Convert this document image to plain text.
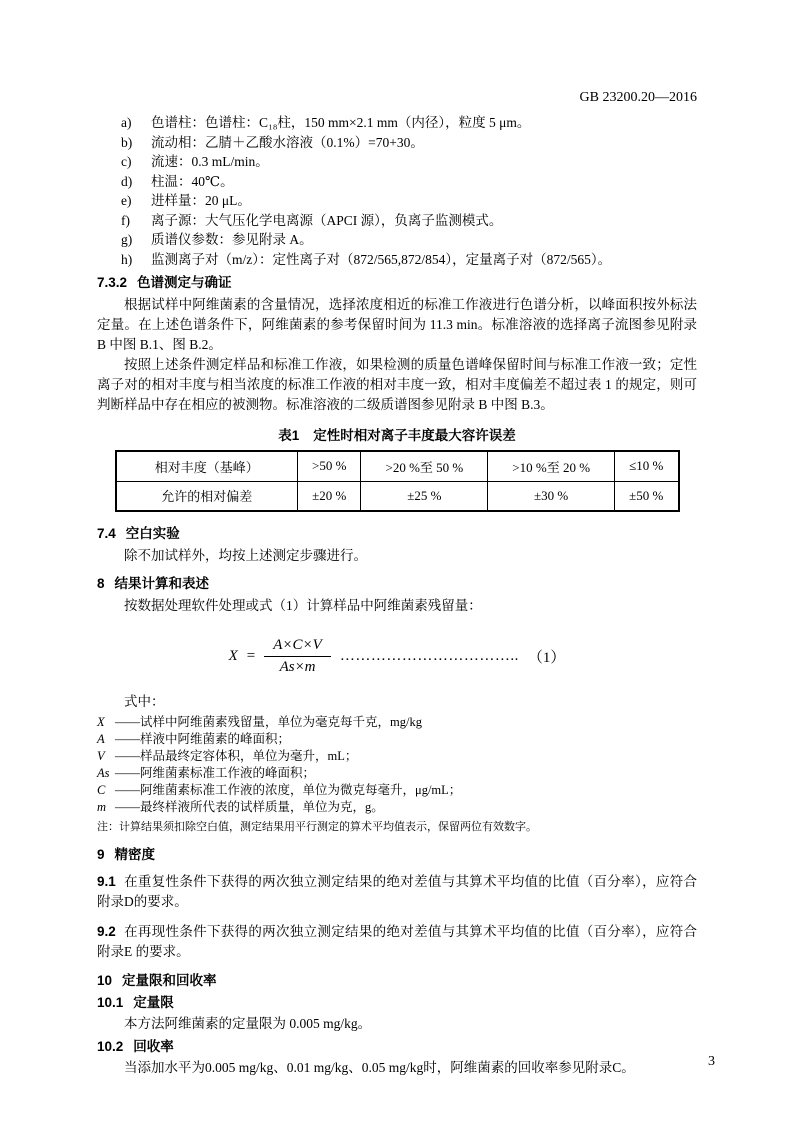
GB 23200.20—2016
a)	色谱柱：色谱柱：C₁₈柱，150 mm×2.1 mm（内径），粒度 5 μm。
b)	流动相：乙腈＋乙酸水溶液（0.1%）=70+30。
c)	流速：0.3 mL/min。
d)	柱温：40℃。
e)	进样量：20 μL。
f)	离子源：大气压化学电离源（APCI 源），负离子监测模式。
g)	质谱仪参数：参见附录 A。
h)	监测离子对（m/z）：定性离子对（872/565,872/854），定量离子对（872/565）。
7.3.2 色谱测定与确证
根据试样中阿维菌素的含量情况，选择浓度相近的标准工作液进行色谱分析，以峰面积按外标法定量。在上述色谱条件下，阿维菌素的参考保留时间为 11.3 min。标准溶液的选择离子流图参见附录 B 中图 B.1、图 B.2。
按照上述条件测定样品和标准工作液，如果检测的质量色谱峰保留时间与标准工作液一致；定性离子对的相对丰度与相当浓度的标准工作液的相对丰度一致，相对丰度偏差不超过表 1 的规定，则可判断样品中存在相应的被测物。标准溶液的二级质谱图参见附录 B 中图 B.3。
表1 定性时相对离子丰度最大容许误差
相对丰度（基峰）	>50 %	>20 %至 50 %	>10 %至 20 %	≤10 %
允许的相对偏差	±20 %	±25 %	±30 %	±50 %
7.4 空白实验
除不加试样外，均按上述测定步骤进行。
8 结果计算和表述
按数据处理软件处理或式（1）计算样品中阿维菌素残留量：
$X = \frac{A\times C\times V}{As\times m}$ …………………………….. （1）
式中：
X ——试样中阿维菌素残留量，单位为毫克每千克，mg/kg
A ——样液中阿维菌素的峰面积；
V ——样品最终定容体积，单位为毫升，mL；
As ——阿维菌素标准工作液的峰面积；
C ——阿维菌素标准工作液的浓度，单位为微克每毫升，μg/mL；
m ——最终样液所代表的试样质量，单位为克，g。
注：计算结果须扣除空白值，测定结果用平行测定的算术平均值表示，保留两位有效数字。
9 精密度
9.1 在重复性条件下获得的两次独立测定结果的绝对差值与其算术平均值的比值（百分率），应符合附录D的要求。
9.2 在再现性条件下获得的两次独立测定结果的绝对差值与其算术平均值的比值（百分率），应符合附录E 的要求。
10 定量限和回收率
10.1 定量限
本方法阿维菌素的定量限为 0.005 mg/kg。
10.2 回收率
当添加水平为0.005 mg/kg、0.01 mg/kg、0.05 mg/kg时，阿维菌素的回收率参见附录C。	3
